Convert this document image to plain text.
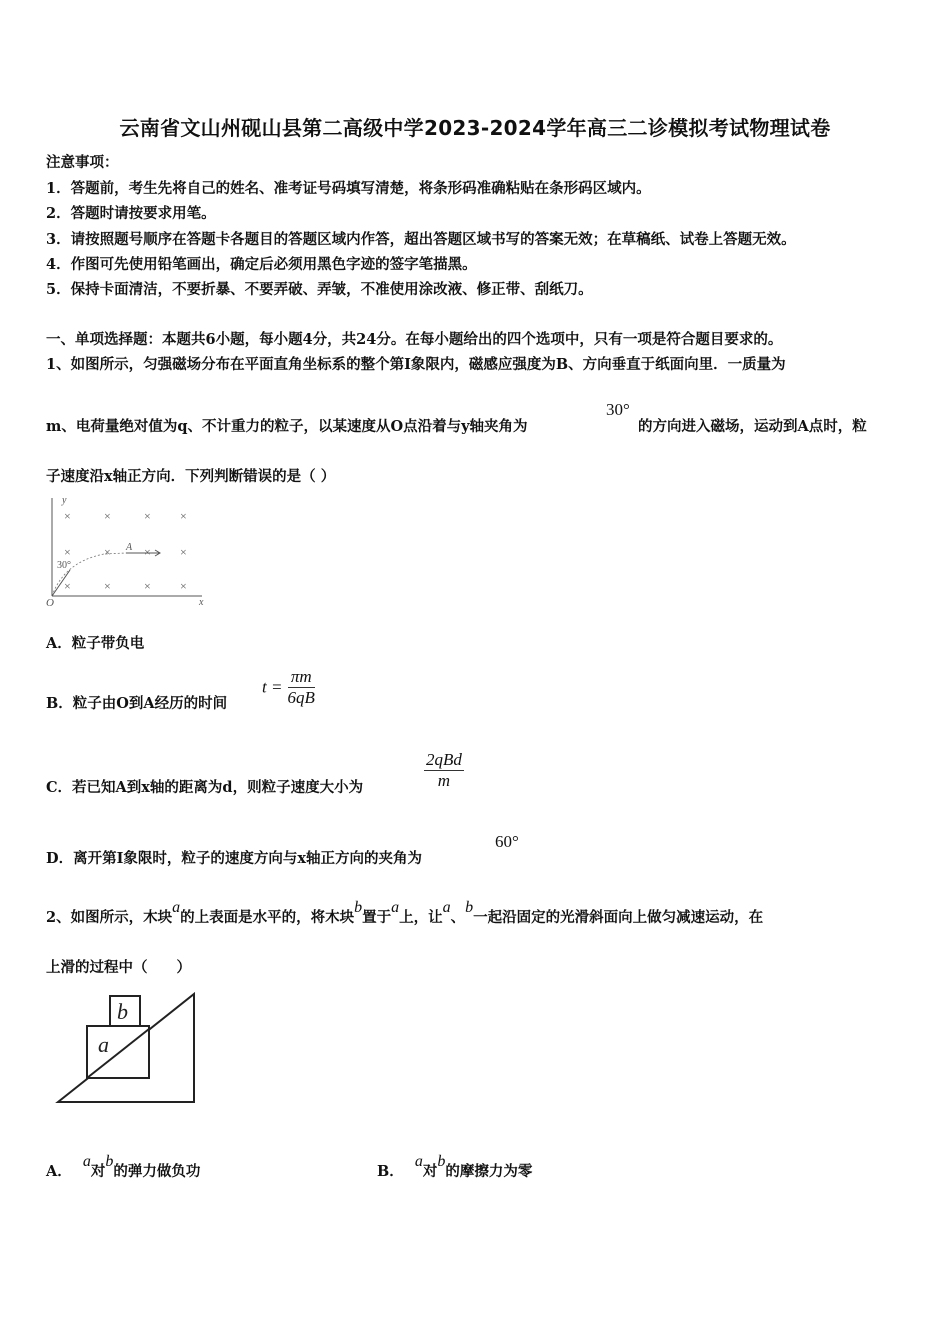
云南省文山州砚山县第二高级中学2023-2024学年高三二诊模拟考试物理试卷
注意事项：
1．答题前，考生先将自己的姓名、准考证号码填写清楚，将条形码准确粘贴在条形码区域内。
2．答题时请按要求用笔。
3．请按照题号顺序在答题卡各题目的答题区域内作答，超出答题区域书写的答案无效；在草稿纸、试卷上答题无效。
4．作图可先使用铅笔画出，确定后必须用黑色字迹的签字笔描黑。
5．保持卡面清洁，不要折暴、不要弄破、弄皱，不准使用涂改液、修正带、刮纸刀。
一、单项选择题：本题共6小题，每小题4分，共24分。在每小题给出的四个选项中，只有一项是符合题目要求的。
1、如图所示，匀强磁场分布在平面直角坐标系的整个第Ⅰ象限内，磁感应强度为B、方向垂直于纸面向里．一质量为
m、电荷量绝对值为q、不计重力的粒子，以某速度从O点沿着与y轴夹角为
30°
的方向进入磁场，运动到A点时，粒
子速度沿x轴正方向．下列判断错误的是（ ）
y
x
O
×	×	× ×
×	×	× ×
×	×	× ×
A
30°
A．粒子带负电
B．粒子由O到A经历的时间
$t = \frac{\pi m}{6qB}$
C．若已知A到x轴的距离为d，则粒子速度大小为	$\frac{\text{2qBd}}{m}$
D．离开第Ⅰ象限时，粒子的速度方向与x轴正方向的夹角为
60°
2、如图所示，木块a的上表面是水平的，将木块b置于a上，让a、b一起沿固定的光滑斜面向上做匀减速运动，在
上滑的过程中（　　）
b
a
A． a对b的弹力做负功	B． a对b的摩擦力为零
